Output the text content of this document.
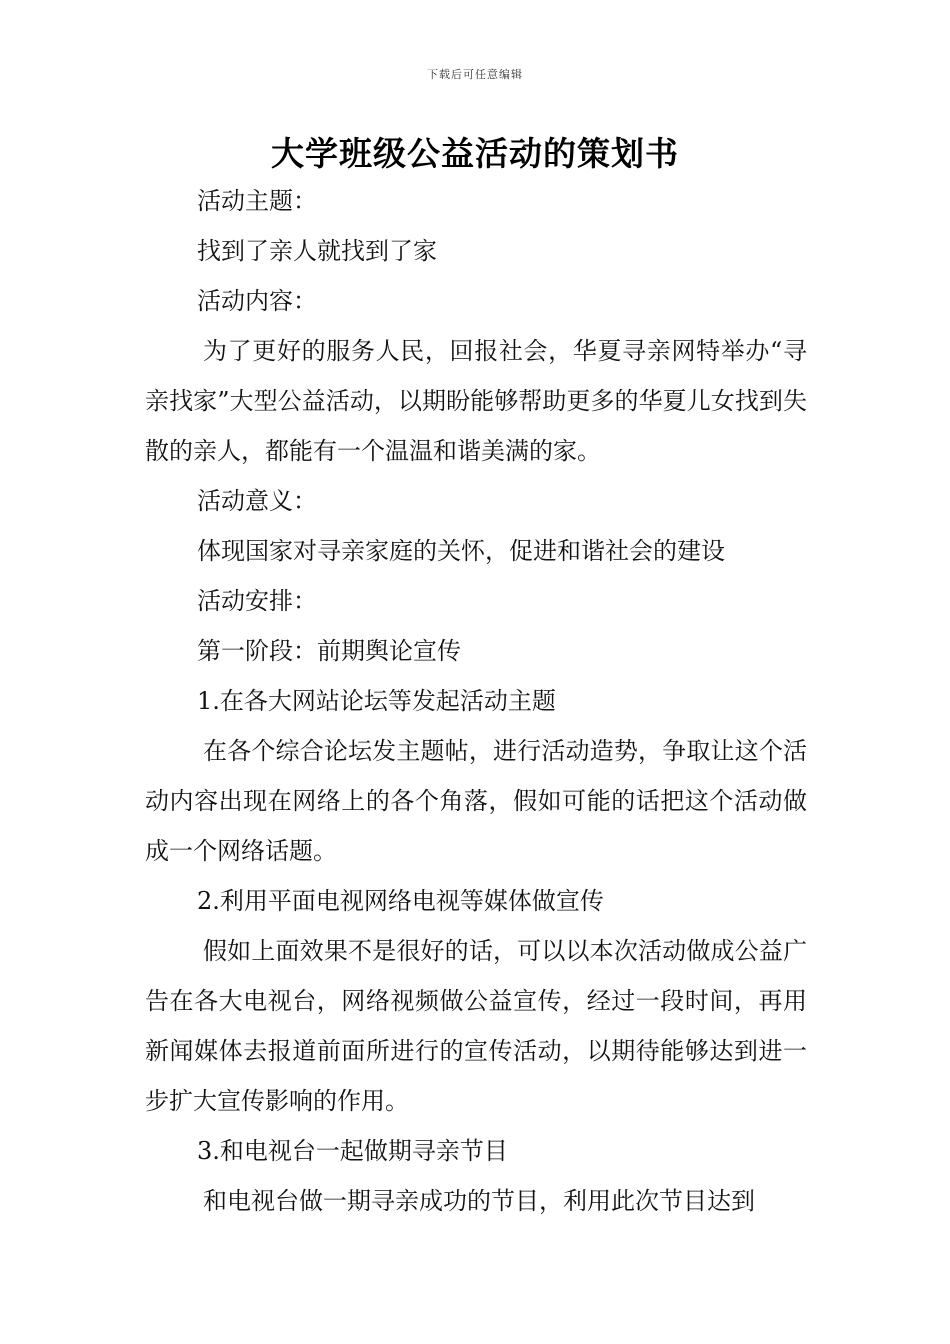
下载后可任意编辑
大学班级公益活动的策划书

活动主题：

找到了亲人就找到了家

活动内容：

为了更好的服务人民，回报社会，华夏寻亲网特举办“寻亲找家”大型公益活动，以期盼能够帮助更多的华夏儿女找到失散的亲人，都能有一个温温和谐美满的家。

活动意义：

体现国家对寻亲家庭的关怀，促进和谐社会的建设

活动安排：

第一阶段：前期舆论宣传

1.在各大网站论坛等发起活动主题

在各个综合论坛发主题帖，进行活动造势，争取让这个活动内容出现在网络上的各个角落，假如可能的话把这个活动做成一个网络话题。

2.利用平面电视网络电视等媒体做宣传

假如上面效果不是很好的话，可以以本次活动做成公益广告在各大电视台，网络视频做公益宣传，经过一段时间，再用新闻媒体去报道前面所进行的宣传活动，以期待能够达到进一步扩大宣传影响的作用。

3.和电视台一起做期寻亲节目

和电视台做一期寻亲成功的节目，利用此次节目达到
